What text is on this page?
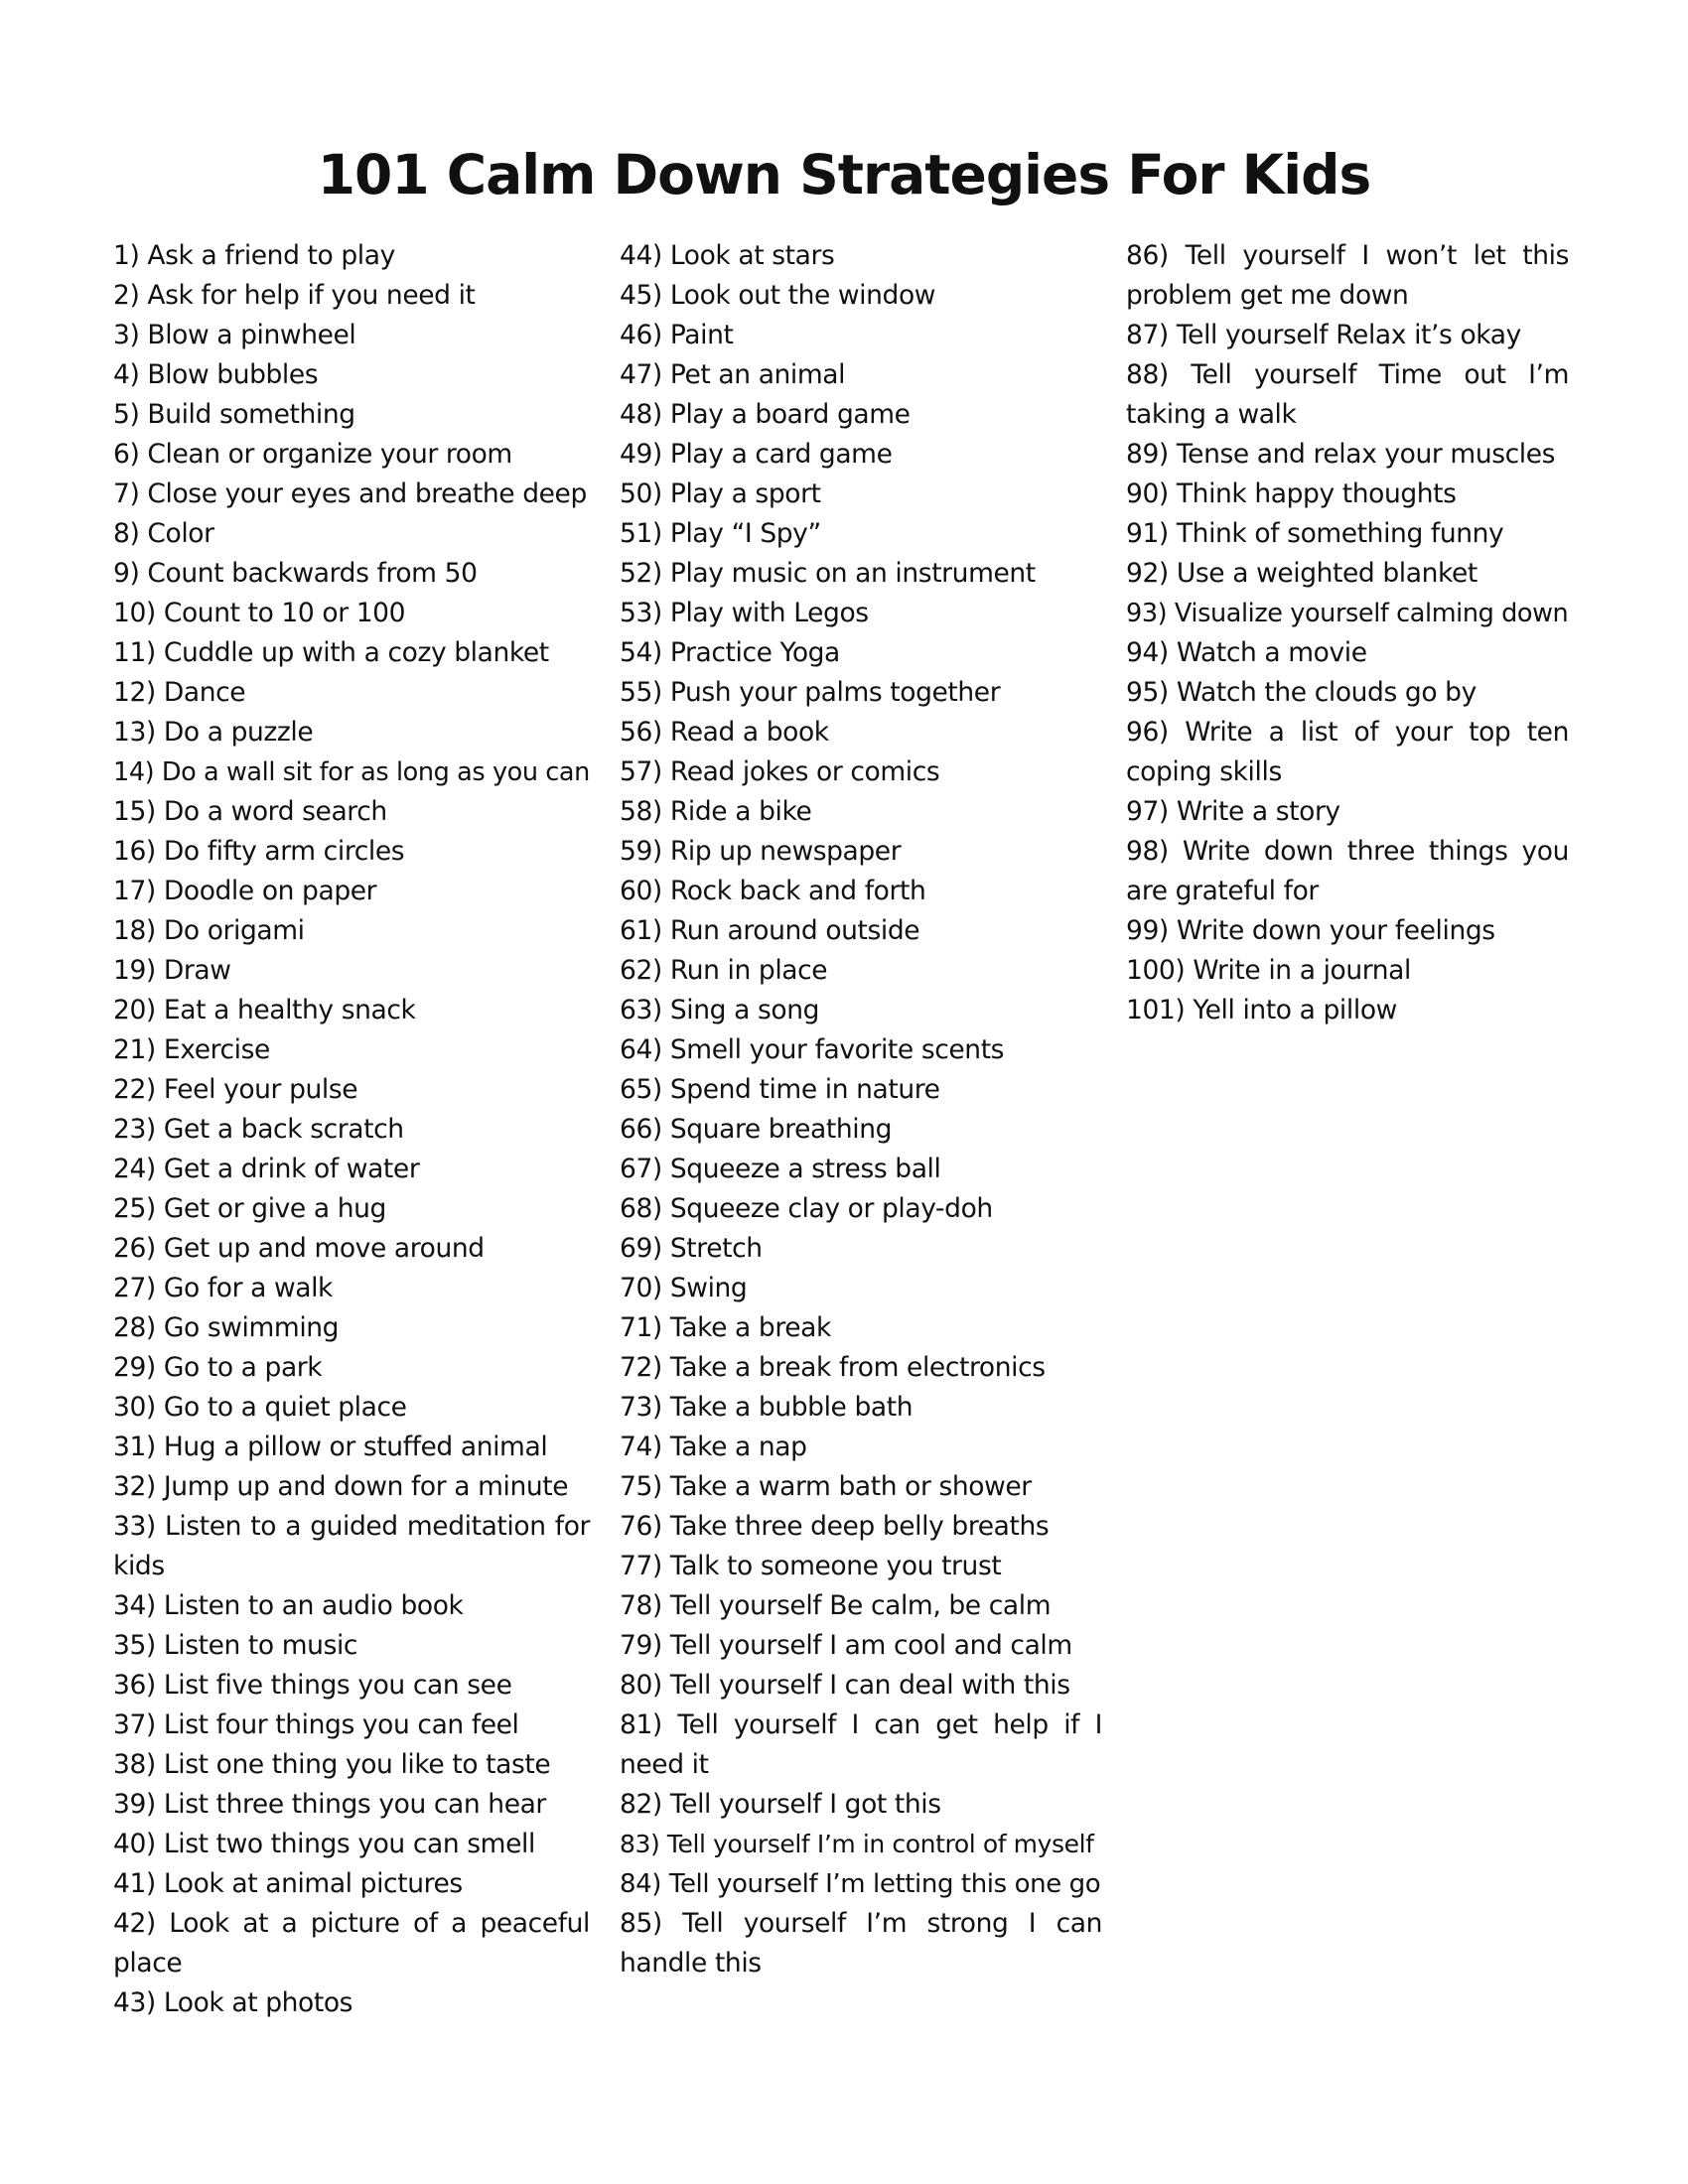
101 Calm Down Strategies For Kids
1) Ask a friend to play
2) Ask for help if you need it
3) Blow a pinwheel
4) Blow bubbles
5) Build something
6) Clean or organize your room
7) Close your eyes and breathe deep
8) Color
9) Count backwards from 50
10) Count to 10 or 100
11) Cuddle up with a cozy blanket
12) Dance
13) Do a puzzle
14) Do a wall sit for as long as you can
15) Do a word search
16) Do fifty arm circles
17) Doodle on paper
18) Do origami
19) Draw
20) Eat a healthy snack
21) Exercise
22) Feel your pulse
23) Get a back scratch
24) Get a drink of water
25) Get or give a hug
26) Get up and move around
27) Go for a walk
28) Go swimming
29) Go to a park
30) Go to a quiet place
31) Hug a pillow or stuffed animal
32) Jump up and down for a minute
33) Listen to a guided meditation for kids
34) Listen to an audio book
35) Listen to music
36) List five things you can see
37) List four things you can feel
38) List one thing you like to taste
39) List three things you can hear
40) List two things you can smell
41) Look at animal pictures
42) Look at a picture of a peaceful place
43) Look at photos
44) Look at stars
45) Look out the window
46) Paint
47) Pet an animal
48) Play a board game
49) Play a card game
50) Play a sport
51) Play “I Spy”
52) Play music on an instrument
53) Play with Legos
54) Practice Yoga
55) Push your palms together
56) Read a book
57) Read jokes or comics
58) Ride a bike
59) Rip up newspaper
60) Rock back and forth
61) Run around outside
62) Run in place
63) Sing a song
64) Smell your favorite scents
65) Spend time in nature
66) Square breathing
67) Squeeze a stress ball
68) Squeeze clay or play-doh
69) Stretch
70) Swing
71) Take a break
72) Take a break from electronics
73) Take a bubble bath
74) Take a nap
75) Take a warm bath or shower
76) Take three deep belly breaths
77) Talk to someone you trust
78) Tell yourself Be calm, be calm
79) Tell yourself I am cool and calm
80) Tell yourself I can deal with this
81) Tell yourself I can get help if I need it
82) Tell yourself I got this
83) Tell yourself I’m in control of myself
84) Tell yourself I’m letting this one go
85) Tell yourself I’m strong I can handle this
86) Tell yourself I won’t let this problem get me down
87) Tell yourself Relax it’s okay
88) Tell yourself Time out I’m taking a walk
89) Tense and relax your muscles
90) Think happy thoughts
91) Think of something funny
92) Use a weighted blanket
93) Visualize yourself calming down
94) Watch a movie
95) Watch the clouds go by
96) Write a list of your top ten coping skills
97) Write a story
98) Write down three things you are grateful for
99) Write down your feelings
100) Write in a journal
101) Yell into a pillow
